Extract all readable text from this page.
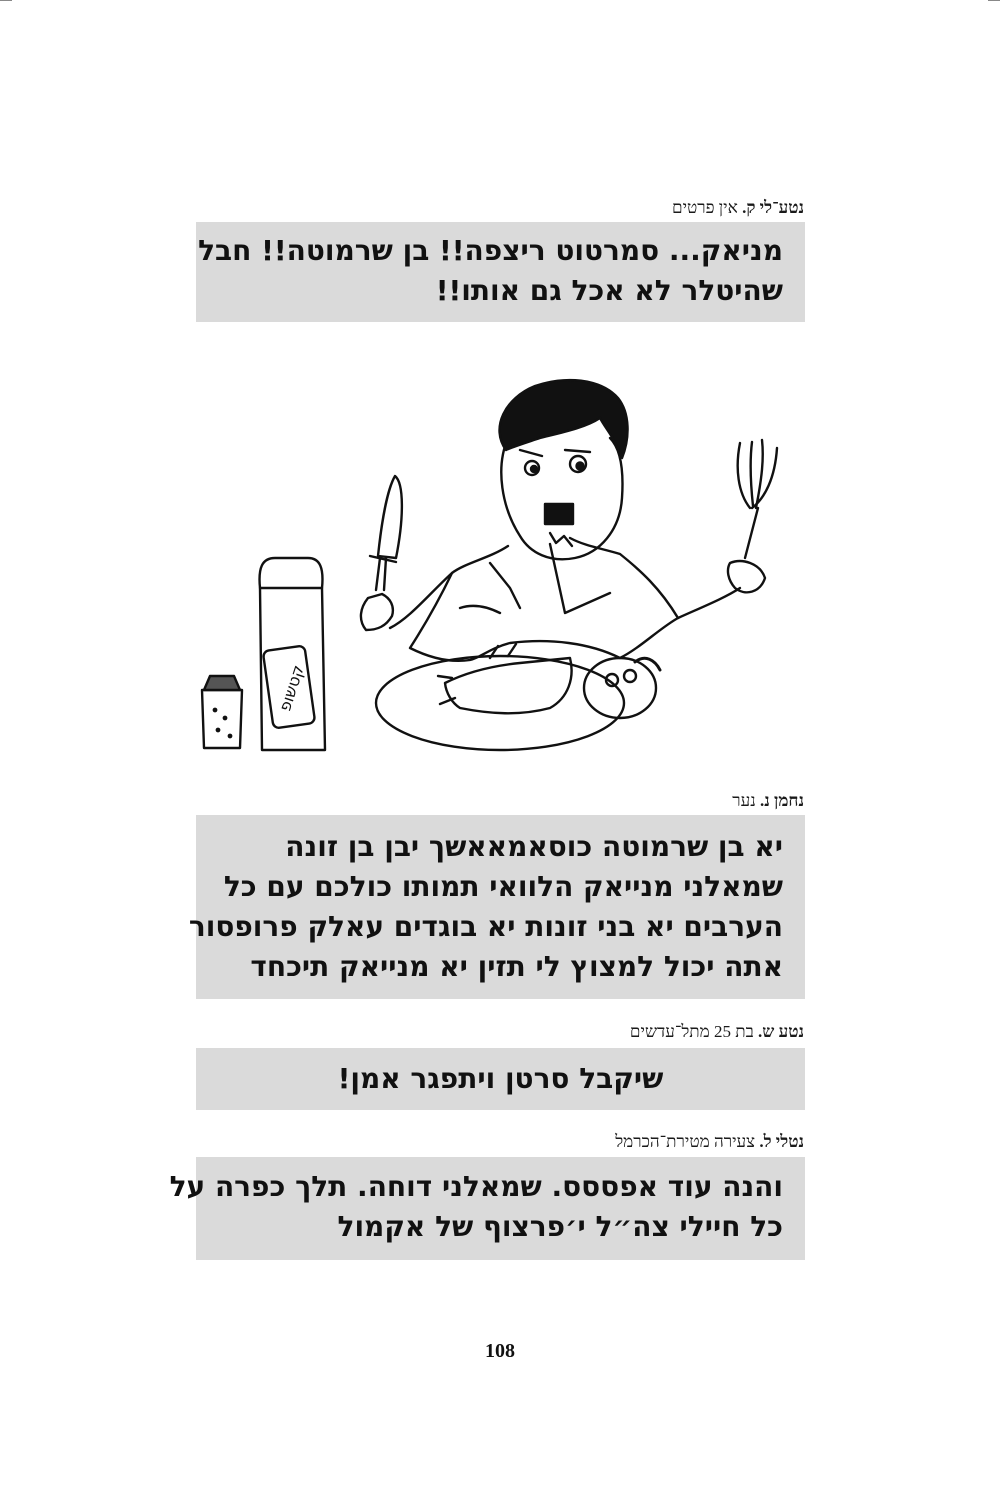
נטע־לי ק. אין פרטים
מניאק... סמרטוט ריצפה!! בן שרמוטה!! חבל
שהיטלר לא אכל גם אותו!!
קטשופ
נחמן נ. נער
יא בן שרמוטה כוסאמאאשך יבן בן זונה
שמאלני מנייאק הלוואי תמותו כולכם עם כל
הערבים יא בני זונות יא בוגדים עאלק פרופסור
אתה יכול למצוץ לי תזין יא מנייאק תיכחד
נטע ש. בת 25 מתל־עדשים
שיקבל סרטן ויתפגר אמן!
נטלי ל. צעירה מטירת־הכרמל
והנה עוד אפססס. שמאלני דוחה. תלך כפרה על
כל חיילי צה״ל י׳פרצוף של אקמול
108
